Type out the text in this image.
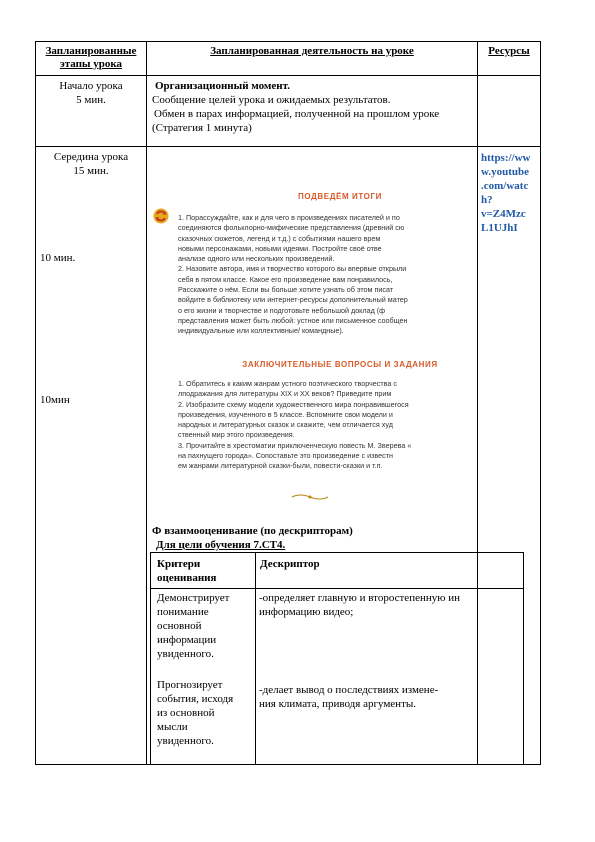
Запланированные этапы урока
Запланированная деятельность на уроке	Ресурсы
Начало урока
5 мин.
Организационный момент.
Сообщение целей урока и ожидаемых результатов.
Обмен в парах информацией, полученной на прошлом уроке
(Стратегия 1 минута)
Середина урока
15 мин.
10 мин.
10мин
https://ww
w.youtube
.com/watc
h?
v=Z4Mzc
L1UJhI
ПОДВЕДЁМ ИТОГИ
1. Порассуждайте, как и для чего в произведениях писателей и по
соединяются фольклорно-мифические представления (древний сю
сказочных сюжетов, легенд и т.д.) с событиями нашего врем
новыми персонажами, новыми идеями. Постройте своё отве
анализе одного или нескольких произведений.
2. Назовите автора, имя и творчество которого вы впервые открыли
себя в пятом классе. Какое его произведение вам понравилось,
Расскажите о нём. Если вы больше хотите узнать об этом писат
войдите в библиотеку или интернет-ресурсы дополнительный матер
о его жизни и творчестве и подготовьте небольшой доклад (ф
представления может быть любой: устное или письменное сообщен
индивидуальные или коллективные/ командные).
ЗАКЛЮЧИТЕЛЬНЫЕ ВОПРОСЫ И ЗАДАНИЯ
1. Обратитесь к каким жанрам устного поэтического творчества с
лподражания для литературы XIX и XX веков? Приведите прим
2. Изобразите схему модели художественного мира понравившегося
произведения, изученного в 5 классе. Вспомните свои модели и
народных и литературных сказок и скажите, чем отличается худ
ственный мир этого произведения.
3. Прочитайте в хрестоматии приключенческую повесть М. Зверева «
на пахнущего города». Сопоставьте это произведение с известн
ем жанрами литературной сказки-были, повести-сказки и т.п.
Ф взаимооценивание (по дескрипторам)
Для цели обучения 7.СТ4.
Критери оценивания
Дескриптор
Демонстрирует
понимание
основной
информации
увиденного.
-определяет главную и второстепенную ин
информацию видео;
Прогнозирует
события, исходя
из основной
мысли
увиденного.
-делает вывод о последствиях измене-
ния климата, приводя аргументы.
